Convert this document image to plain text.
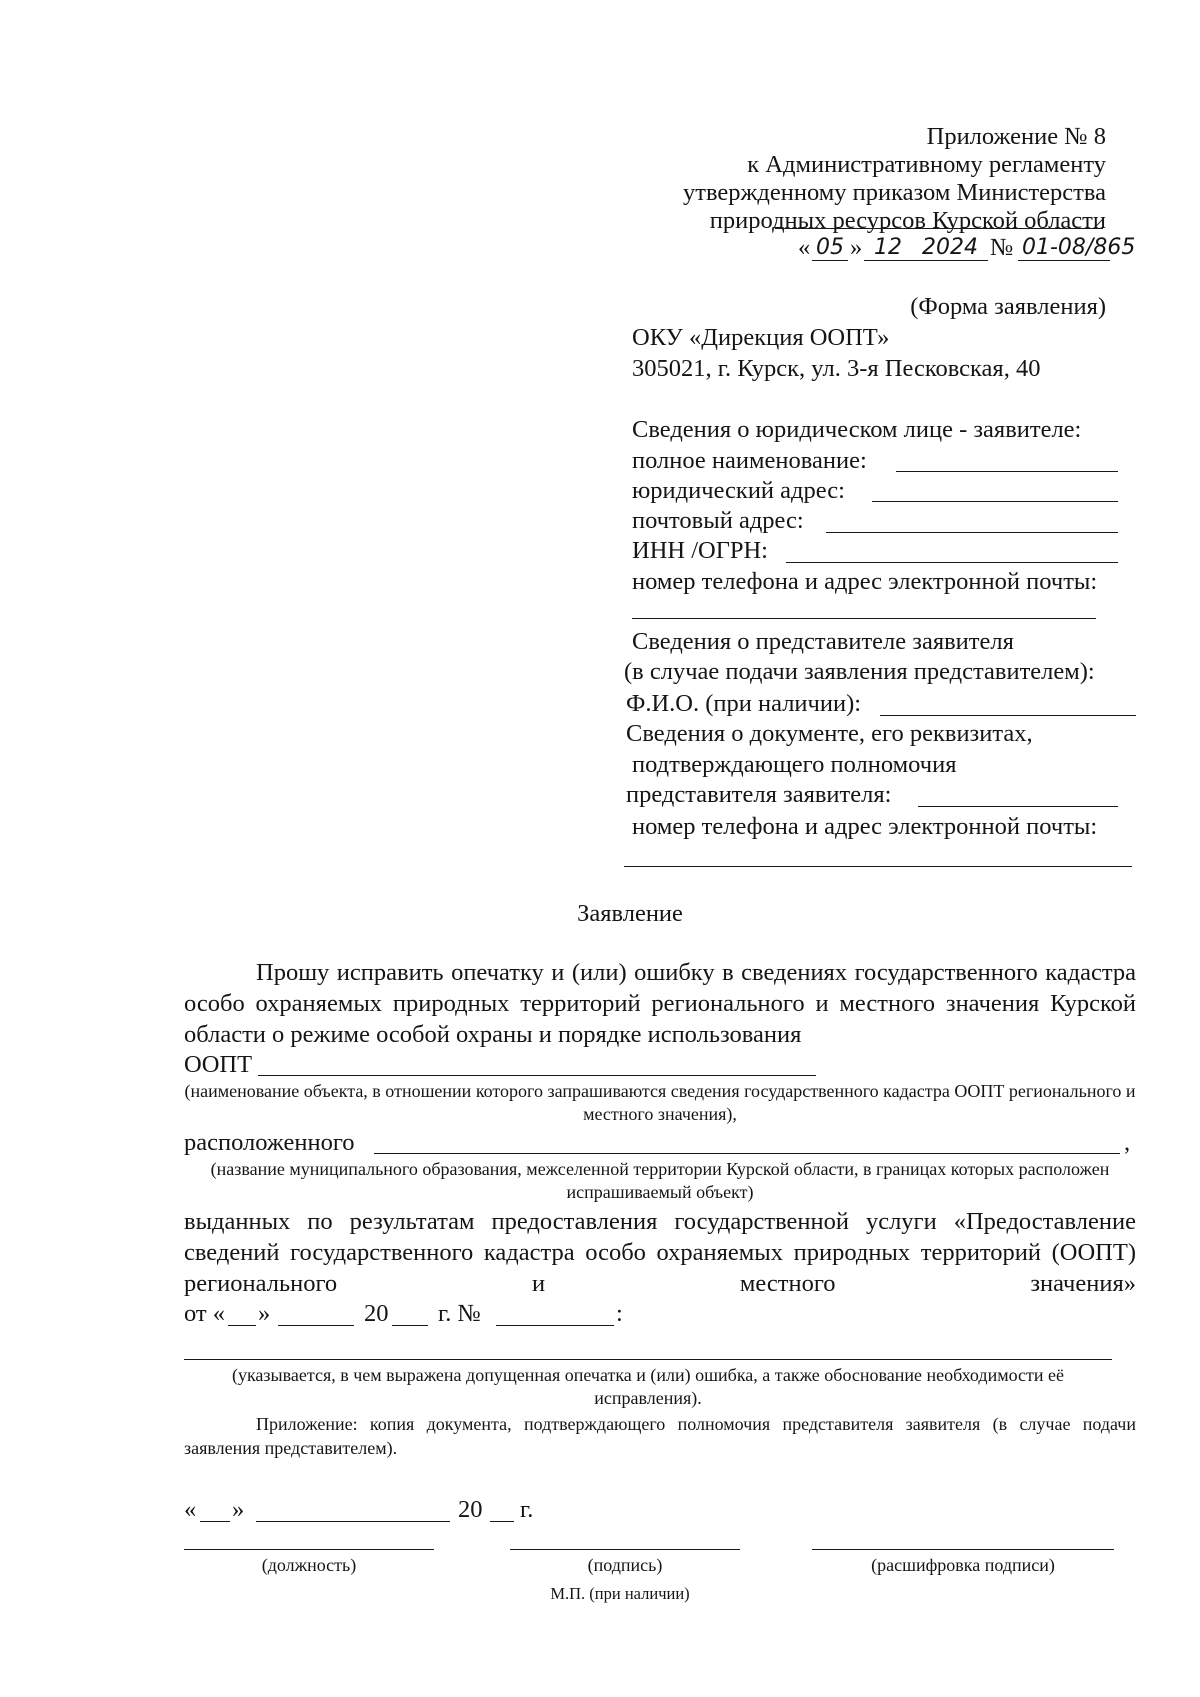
Приложение № 8
к Административному регламенту
утвержденному приказом Министерства
природных ресурсов Курской области
« 05 » 12 2024 № 01-08/865
(Форма заявления)
ОКУ «Дирекция ООПТ»
305021, г. Курск, ул. 3-я Песковская, 40
Сведения о юридическом лице - заявителе:
полное наименование:
юридический адрес:
почтовый адрес:
ИНН /ОГРН:
номер телефона и адрес электронной почты:
Сведения о представителе заявителя
(в случае подачи заявления представителем):
Ф.И.О. (при наличии):
Сведения о документе, его реквизитах,
подтверждающего полномочия
представителя заявителя:
номер телефона и адрес электронной почты:
Заявление
Прошу исправить опечатку и (или) ошибку в сведениях государственного кадастра особо охраняемых природных территорий регионального и местного значения Курской области о режиме особой охраны и порядке использования
ООПТ
(наименование объекта, в отношении которого запрашиваются сведения государственного кадастра ООПТ регионального и местного значения),
расположенного	,
(название муниципального образования, межселенной территории Курской области, в границах которых расположен испрашиваемый объект)
выданных по результатам предоставления государственной услуги «Предоставление сведений государственного кадастра особо охраняемых природных территорий (ООПТ) регионального и местного значения»
от « »	20 г. №	:
(указывается, в чем выражена допущенная опечатка и (или) ошибка, а также обоснование необходимости её исправления).
Приложение: копия документа, подтверждающего полномочия представителя заявителя (в случае подачи заявления представителем).
« »	20 г.
(должность)	(подпись)	(расшифровка подписи)
М.П. (при наличии)
